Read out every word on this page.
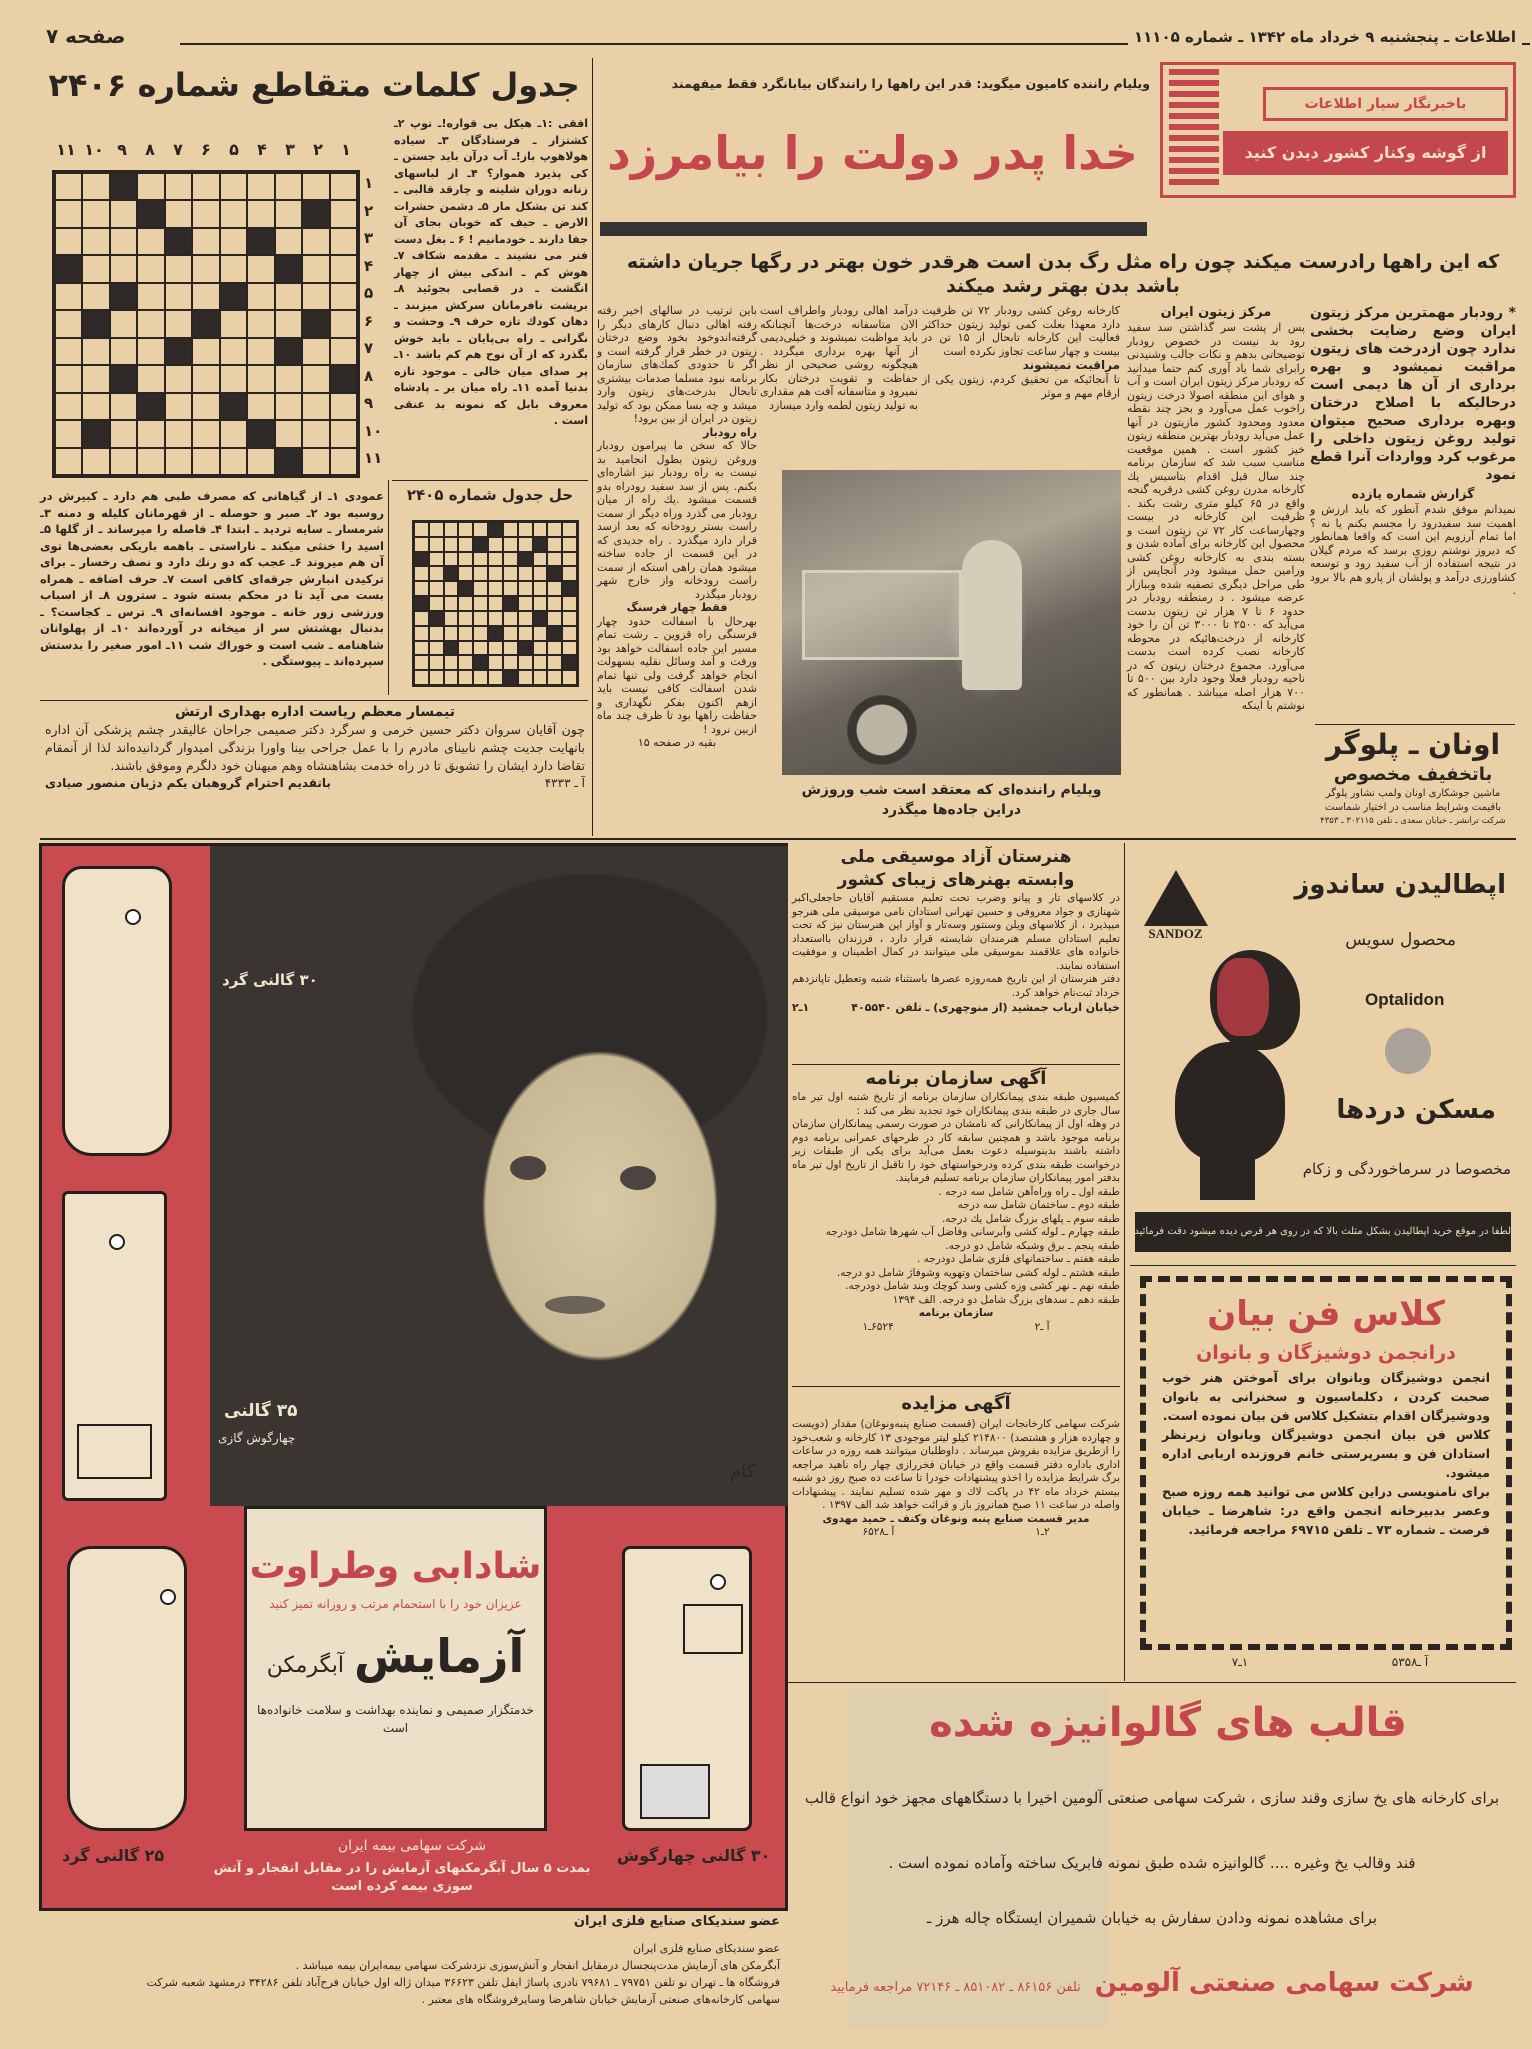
صفحه ۷	اطلاعات ـ پنجشنبه ۹ خرداد ماه ۱۳۴۲ ـ شماره ۱۱۱۰۵
باخبرنگار سیار اطلاعات
از گوشه وکنار کشور دیدن کنید
ویلیام راننده کامیون میگوید: قدر این راهها را رانندگان بیابانگرد فقط میفهمند
خدا پدر دولت را بیامرزد
که این راهها رادرست میکند چون راه مثل رگ بدن است هرقدر خون بهتر در رگها جریان داشته باشد بدن بهتر رشد میکند
* رودبار مهمترین مرکز زیتون ایران وضع رضایت بخشی ندارد چون ازدرخت های زیتون مراقبت نمیشود و بهره برداری از آن ها دیمی است درحالیکه با اصلاح درختان وبهره برداری صحیح میتوان تولید روغن زیتون داخلی را مرغوب کرد وواردات آنرا قطع نمود
گزارش شماره یازده
نمیدانم موفق شدم آنطور که باید ارزش و اهمیت سد سفیدرود را مجسم بکنم یا نه ؟ اما تمام آرزویم این است که واقعا همانطور که دیروز نوشتم روزی برسد که مردم گیلان در نتیجه استفاده از آب سفید رود و توسعه کشاورزی درآمد و پولشان از پارو هم بالا برود .
اونان ـ پلوگر
باتخفیف مخصوص
ماشین جوشکاری اونان ولمپ نشاور پلوگر
باقیمت وشرایط مناسب در اختیار شماست
شرکت ترانشر ـ خیابان سعدی ـ تلفن ۳۰۲۱۱۵ ـ ۴۳۵۳
مرکز زیتون ایران
پس از پشت سر گذاشتن سد سفید رود بد نیست در خصوص رودبار توضیحاتی بدهم و نکات جالب وشنیدنی رابرای شما یاد آوری کنم حتما میدانید که رودبار مرکز زیتون ایران است و آب و هوای این منطقه اصولا درخت زیتون راخوب عمل می‌آورد و بجز چند نقطه معدود ومحدود کشور مازیتون در آنها عمل می‌آید رودبار بهترین منطقه زیتون خیز کشور است . همین موقعیت مناسب سبب شد که سازمان برنامه چند سال قبل اقدام بتاسیس يك کارخانه مدرن روغن کشی درقریه گنجه واقع در ۶۵ کیلو متری رشت بکند . ظرفیت این کارخانه در بیست وچهارساعت کار ۷۲ تن زیتون است و محصول این کارخانه برای آماده شدن و بسته بندی به کارخانه روغن کشی ورامین حمل میشود ودر آنجاپس از طی مراحل دیگری تصفیه شده وببازار عرضه میشود . د رمنطقه رودبار در حدود ۶ تا ۷ هزار تن زیتون بدست می‌آید که ۲۵۰۰ تا ۳۰۰۰ تن آن را خود کارخانه از درخت‌هائیکه در محوطه کارخانه نصب کرده است بدست می‌آورد. مجموع درختان زیتون که در ناحیه رودبار فعلا وجود دارد بین ۵۰۰ تا ۷۰۰ هزار اصله میباشد . همانطور که نوشتم با اینکه
کارخانه روغن کشی رودبار ۷۲ تن ظرفیت دارد معهذا بعلت کمی تولید زیتون حداکثر فعالیت این کارخانه تابحال از ۱۵ تن در بیست و چهار ساعت تجاوز نکرده است
مراقبت نمیشوند
تا آنجائیکه من تحقیق کردم، زیتون یکی از ارقام مهم و موثر
درآمد اهالی رودبار واطراف است الان متاسفانه درخت‌ها آنچنانکه باید مواظبت نمیشوند و خیلی‌دیمی از آنها بهره برداری میگردد . هیچگونه روشی صحیحی از نظر حفاظت و تقویت درختان بکار نمیرود و متاسفانه آفت هم مقداری به تولید زیتون لطمه وارد میسازد
باین ترتیب در سالهای اخیر رفته رفته اهالی دنبال کارهای دیگر را گرفته‌اندوخود بخود وضع درختان زیتون در خطر قرار گرفته است و اگر تا حدودی کمك‌های سازمان برنامه نبود مسلما صدمات بیشتری تابحال بدرخت‌های زیتون وارد میشد و چه بسا ممکن بود که تولید زیتون در ایران از بین برود!
راه رودبار
حالا که سخن ما پیرامون رودبار وروغن زیتون بطول انجامید بد نیست به راه رودبار نیز اشاره‌ای بکنم. پس از سد سفید رودراه بدو قسمت میشود .يك راه از میان رودبار می گذرد وراه دیگر از سمت راست بستر رودخانه که بعد ازسد قرار دارد میگذرد . راه جدیدی که در این قسمت از جاده ساخته میشود همان راهی استکه از سمت راست رودخانه واز خارج شهر رودبار میگذرد
فقط چهار فرسنگ
بهرحال با اسفالت حدود چهار فرسنگی راه قزوین ـ رشت تمام مسیر این جاده اسفالت خواهد بود ورفت و آمد وسائل نقلیه بسهولت انجام خواهد گرفت ولی تنها تمام شدن اسفالت کافی نیست باید ازهم اکنون بفکر نگهداری و حفاظت راهها بود تا ظرف چند ماه ازبین نرود !
بقیه در صفحه ۱۵
ویلیام راننده‌ای که معتقد است شب وروزش دراین جاده‌ها میگذرد
جدول کلمات متقاطع شماره ۲۴۰۶
۱
۲
۳
۴
۵
۶
۷
۸
۹
۱۰
۱۱
۱
۲
۳
۴
۵
۶
۷
۸
۹
۱۰
۱۱
افقی :۱ـ هیکل بی قواره!ـ توپ ۲ـ کشتزار ـ فرستادگان ۳ـ سیاده هولاهوپ باز!ـ آب درآن باید جستن ـ کی پذیرد هموار؟ ۴ـ از لباسهای زنانه دوران شلیته و چارقد قالبی ـ کند تن بشکل مار ۵ـ دشمن حشرات الارض ـ حیف که خوبان بجای آن جفا دارند ـ خودمانیم ! ۶ ـ بغل دست فنر می نشیند ـ مقدمه شکاف ۷ـ هوش کم ـ اندکی بیش از چهار انگشت ـ در قصابی بجوئید ۸ـ برپشت نافرمانان سرکش میزنند ـ دهان کودك تازه حرف ۹ـ وحشت و نگرانی ـ راه بی‌پایان ـ باید خوش بگذرد که از آن نوح هم کم باشد ۱۰ـ پر صدای میان خالی ـ موجود تازه بدنیا آمده ۱۱ـ راه میان بر ـ پادشاه معروف بابل که نمونه بد عنقی است .
حل جدول شماره ۲۴۰۵
عمودی ۱ـ از گیاهانی که مصرف طبی هم دارد ـ کبیرش در روسیه بود ۲ـ صبر و حوصله ـ از قهرمانان کلیله و دمنه ۳ـ شرمسار ـ سایه تردید ـ ابتدا ۴ـ فاصله را میرساند ـ از گلها ۵ـ اسید را خنثی میکند ـ ناراستی ـ باهمه باریکی بعضی‌ها توی آن هم میروند ۶ـ عجب که دو رنك دارد و نصف رخسار ـ برای ترکیدن انبارش جرقه‌ای کافی است ۷ـ حرف اضافه ـ همراه بست می آید تا در محکم بسته شود ـ سترون ۸ـ از اسباب ورزشی زور خانه ـ موجود افسانه‌ای ۹ـ ترس ـ کجاست؟ ـ بدنبال بهشتش سر از میخانه در آورده‌اند ۱۰ـ از پهلوانان شاهنامه ـ شب است و خوراك شب ۱۱ـ امور صغیر را بدستش سپرده‌اند ـ پیوستگی .
تیمسار معظم ریاست اداره بهداری ارتش
چون آقایان سروان دکتر حسین خرمی و سرگرد دکتر صمیمی جراحان عالیقدر چشم پزشکی آن اداره بانهایت جدیت چشم نابینای مادرم را با عمل جراحی بینا واورا بزندگی امیدوار گردانیده‌اند لذا از آنمقام تقاضا دارد ایشان را تشویق تا در راه خدمت بشاهنشاه وهم میهنان خود دلگرم وموفق باشند.
آ ـ ۴۳۳۳
باتقدیم احترام گروهبان یکم دژبان منصور صیادی
۳۰ گالنی گرد
۳۵ گالنی
چهارگوش گازی
کام
شادابی وطراوت
عزیزان خود را با استحمام مرتب و روزانه تمیز کنید
آزمایش
آبگرمکن
خدمتگزار صمیمی و نماینده بهداشت و سلامت خانواده‌ها است
۲۵ گالنی گرد	۳۰ گالنی چهارگوش
شرکت سهامی بیمه ایران
بمدت ۵ سال آبگرمکنهای آزمایش را در مقابل انفجار و آتش سوزی بیمه کرده است
عضو سندیکای صنایع فلزی ایران
عضو سندیکای صنایع فلزی ایران
آبگرمکن های آزمایش مدت‌پنجسال درمقابل انفجار و آتش‌سوزی نزدشرکت سهامی بیمه‌ایران بیمه میباشد .
فروشگاه ها ـ تهران نو تلفن ۷۹۷۵۱ ـ ۷۹۶۸۱ نادری پاساژ ایفل تلفن ۳۶۶۲۳ میدان ژاله اول خیابان فرح‌آباد تلفن ۳۴۲۸۶ درمشهد شعبه شرکت
سهامی کارخانه‌های صنعتی آزمایش خیابان شاهرضا وسایرفروشگاه های معتبر .
هنرستان آزاد موسیقی ملی
وابسته بهنرهای زیبای کشور
در کلاسهای تار و پیانو وضرب تحت تعلیم مستقیم آقایان حاجعلی‌اکبر شهنازی و جواد معروفی و حسین تهرانی استادان نامی موسیقی ملی هنرجو میپذیرد ، از کلاسهای ویلن وسنتور وسه‌تار و آواز این هنرستان نیز که تحت تعلیم استادان مسلم هنرمندان شایسته قرار دارد ، فرزندان بااستعداد خانواده های علاقمند بموسیقی ملی میتوانند در کمال اطمینان و موفقیت استفاده نمایند.
دفتر هنرستان از این تاریخ همه‌روزه عصرها باستثناء شنبه وتعطیل تاپانزدهم خرداد ثبت‌نام خواهد کرد.
خیابان ارباب جمشید (از منوچهری) ـ تلفن ۴۰۵۵۴۰
۱ـ۲
آگهی سازمان برنامه
کمیسیون طبقه بندی پیمانکاران سازمان برنامه از تاریخ شنبه اول تیر ماه سال جاری در طبقه بندی پیمانکاران خود تجدید نظر می کند :
در وهله اول از پیمانکارانی که نامشان در صورت رسمی پیمانکاران سازمان برنامه موجود باشد و همچنین سابقه کار در طرحهای عمرانی برنامه دوم داشته باشند بدینوسیله دعوت بعمل می‌آید برای یکی از طبقات زیر درخواست طبقه بندی کرده ودرخواستهای خود را تاقبل از تاریخ اول تیر ماه بدفتر امور پیمانکاران سازمان برنامه تسلیم فرمایند.
طبقه اول ـ راه وراه‌آهن شامل سه درجه .
طبقه دوم ـ ساختمان شامل سه درجه
طبقه سوم ـ پلهای بزرگ شامل يك درجه.
طبقه چهارم ـ لوله کشی وآبرسانی وفاضل آب شهرها شامل دودرجه
طبقه پنجم ـ برق وشبکه شامل دو درجه.
طبقه هفتم ـ ساختمانهای فلزی شامل دودرجه .
طبقه هشتم ـ لوله کشی ساختمان وتهویه وشوفاژ شامل دو درجه.
طبقه نهم ـ نهر کشی وزه کشی وسد کوچك وبند شامل دودرجه.
طبقه دهم ـ سدهای بزرگ شامل دو درجه. الف ۱۳۹۴
سازمان برنامه
آ ـ۲
۶۵۲۴ـ۱
آگهی مزایده
شرکت سهامی کارخانجات ایران (قسمت صنایع پنبه‌ونوغان) مقدار (دویست و چهارده هزار و هشتصد) ۲۱۴۸۰۰ کیلو لیتر موجودی ۱۳ کارخانه و شعب‌خود را ازطریق مزایده بفروش میرساند . داوطلبان میتوانند همه روزه در ساعات اداری باداره دفتر قسمت واقع در خیابان فخررازی چهار راه ناهید مراجعه برگ شرایط مزایده را اخذو پیشنهادات خودرا تا ساعت ده صبح روز دو شنبه بیستم خرداد ماه ۴۲ در پاکت لاك و مهر شده تسلیم نمایند . پیشنهادات واصله در ساعت ۱۱ صبح همانروز باز و قرائت خواهد شد الف ۱۳۹۷ .
مدیر قسمت صنایع پنبه ونوغان وکنف ـ حمید مهدوی
۲ـ۱
آ ـ۶۵۲۸
SANDOZ
اپطالیدن ساندوز
محصول سویس
Optalidon
مسکن دردها
مخصوصا در سرماخوردگی و زکام
لطفا در موقع خرید اپطالیدن بشکل مثلث بالا که در روی هر قرص دیده میشود دقت فرمائید
کلاس فن بیان
درانجمن دوشیزگان و بانوان
انجمن دوشیزگان وبانوان برای آموختن هنر خوب صحبت کردن ، دکلماسیون و سخنرانی به بانوان ودوشیزگان اقدام بتشکیل کلاس فن بیان نموده است.
کلاس فن بیان انجمن دوشیزگان وبانوان زیرنظر استادان فن و بسرپرستی خانم فروزنده اربابی اداره میشود.
برای نامنویسی دراین کلاس می توانید همه روزه صبح وعصر بدبیرخانه انجمن واقع در: شاهرضا ـ خیابان فرصت ـ شماره ۷۳ ـ تلفن ۶۹۷۱۵ مراجعه فرمائید.
آ ـ۵۳۵۸
۱ـ۷
قالب های گالوانیزه شده
برای کارخانه های یخ سازی وقند سازی ، شرکت سهامی صنعتی آلومین اخیرا با دستگاههای مجهز خود انواع قالب
قند وقالب یخ وغیره .... گالوانیزه شده طبق نمونه فابریک ساخته وآماده نموده است .
برای مشاهده نمونه ودادن سفارش به خیابان شمیران ایستگاه چاله هرز ـ
شرکت سهامی صنعتی آلومین
تلفن ۸۶۱۵۶ ـ ۸۵۱۰۸۲ ـ ۷۲۱۴۶ مراجعه فرمایید
